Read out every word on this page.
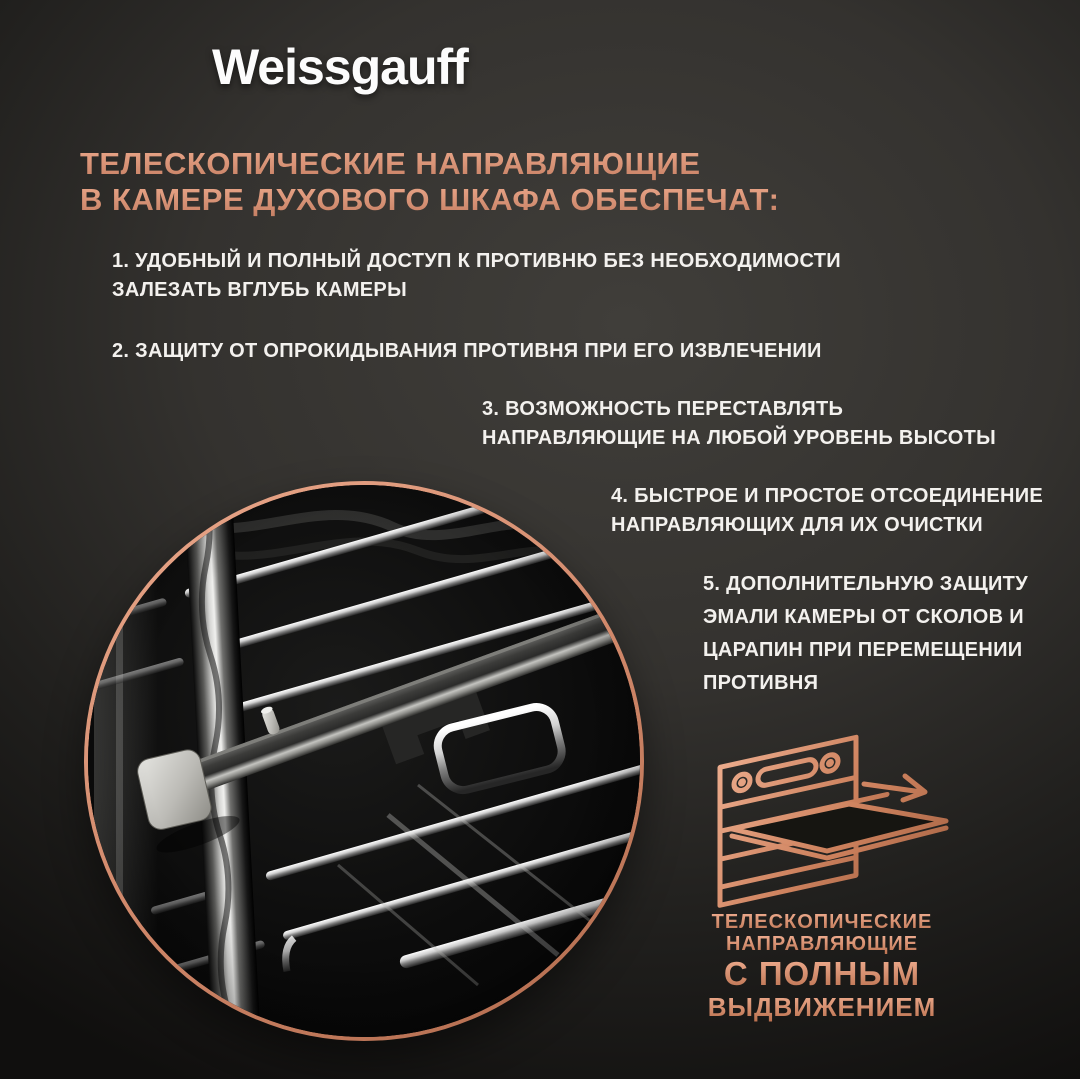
Weissgauff
ТЕЛЕСКОПИЧЕСКИЕ НАПРАВЛЯЮЩИЕ
В КАМЕРЕ ДУХОВОГО ШКАФА ОБЕСПЕЧАТ:
1. УДОБНЫЙ И ПОЛНЫЙ ДОСТУП К ПРОТИВНЮ БЕЗ НЕОБХОДИМОСТИ
ЗАЛЕЗАТЬ ВГЛУБЬ КАМЕРЫ
2. ЗАЩИТУ ОТ ОПРОКИДЫВАНИЯ ПРОТИВНЯ ПРИ ЕГО ИЗВЛЕЧЕНИИ
3. ВОЗМОЖНОСТЬ ПЕРЕСТАВЛЯТЬ
НАПРАВЛЯЮЩИЕ НА ЛЮБОЙ УРОВЕНЬ ВЫСОТЫ
4. БЫСТРОЕ И ПРОСТОЕ ОТСОЕДИНЕНИЕ
НАПРАВЛЯЮЩИХ ДЛЯ ИХ ОЧИСТКИ
5. ДОПОЛНИТЕЛЬНУЮ ЗАЩИТУ
ЭМАЛИ КАМЕРЫ ОТ СКОЛОВ И
ЦАРАПИН ПРИ ПЕРЕМЕЩЕНИИ
ПРОТИВНЯ
ТЕЛЕСКОПИЧЕСКИЕ
НАПРАВЛЯЮЩИЕ
С ПОЛНЫМ
ВЫДВИЖЕНИЕМ
